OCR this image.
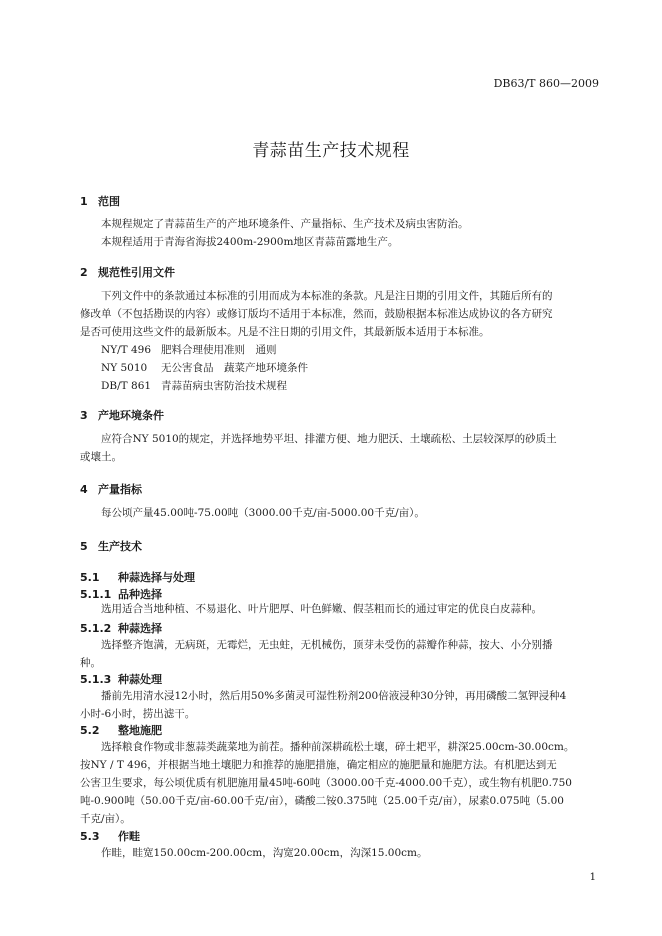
DB63/T 860—2009
青蒜苗生产技术规程
1 范围
本规程规定了青蒜苗生产的产地环境条件、产量指标、生产技术及病虫害防治。
本规程适用于青海省海拔2400m-2900m地区青蒜苗露地生产。
2 规范性引用文件
下列文件中的条款通过本标准的引用而成为本标准的条款。凡是注日期的引用文件，其随后所有的
修改单（不包括勘误的内容）或修订版均不适用于本标准，然而，鼓励根据本标准达成协议的各方研究
是否可使用这些文件的最新版本。凡是不注日期的引用文件，其最新版本适用于本标准。
NY/T 496 肥料合理使用准则　通则
NY 5010 无公害食品　蔬菜产地环境条件
DB/T 861 青蒜苗病虫害防治技术规程
3 产地环境条件
应符合NY 5010的规定，并选择地势平坦、排灌方便、地力肥沃、土壤疏松、土层较深厚的砂质土
或壤土。
4 产量指标
每公顷产量45.00吨-75.00吨（3000.00千克/亩-5000.00千克/亩）。
5 生产技术
5.1 种蒜选择与处理
5.1.1 品种选择
选用适合当地种植、不易退化、叶片肥厚、叶色鲜嫩、假茎粗而长的通过审定的优良白皮蒜种。
5.1.2 种蒜选择
选择整齐饱满，无病斑，无霉烂，无虫蛀，无机械伤，顶芽未受伤的蒜瓣作种蒜，按大、小分别播
种。
5.1.3 种蒜处理
播前先用清水浸12小时，然后用50%多菌灵可湿性粉剂200倍液浸种30分钟，再用磷酸二氢钾浸种4
小时-6小时，捞出滤干。
5.2 整地施肥
选择粮食作物或非葱蒜类蔬菜地为前茬。播种前深耕疏松土壤，碎土耙平，耕深25.00cm-30.00cm。
按NY / T 496，并根据当地土壤肥力和推荐的施肥措施，确定相应的施肥量和施肥方法。有机肥达到无
公害卫生要求，每公顷优质有机肥施用量45吨-60吨（3000.00千克-4000.00千克），或生物有机肥0.750
吨-0.900吨（50.00千克/亩-60.00千克/亩），磷酸二铵0.375吨（25.00千克/亩），尿素0.075吨（5.00
千克/亩）。
5.3 作畦
作畦，畦宽150.00cm-200.00cm，沟宽20.00cm，沟深15.00cm。
1
